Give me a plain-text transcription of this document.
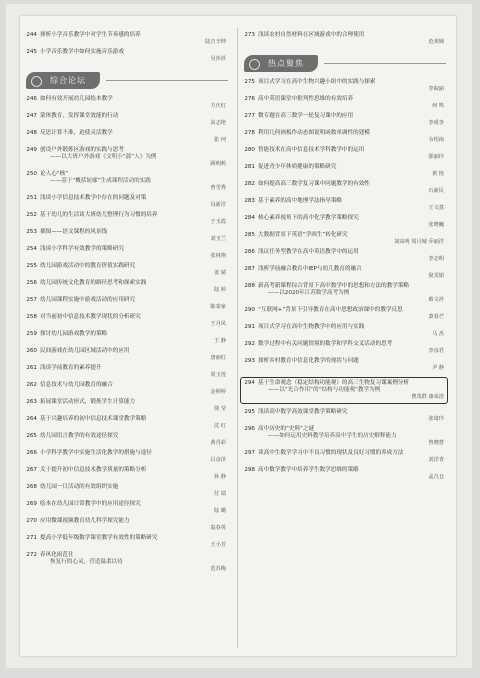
244 探析小学音乐教学中对学生节奏感的培养
陆吉辛坤
245 小学音乐教学中如何实施音乐游戏
吴莎莎
综合论坛
246 如何有效开展幼儿园绘本教学
方庆红
247 蒙体教育，发挥课堂效能的行动
高志艳
248 反思计算不准，迫使灵活教学
张 珂
249 创设户外锻炼区游戏的实践与思考
——以大班户外游戏《文明小“蒲”人》为例
顾明莉
250 论人心“核”
——基于“概括轮廓”生成课程活动的实践
曾雪秀
251 浅谈小学信息技术教学中存在的问题及对策
冯新洋
252 基于幼儿的生活谈大班幼儿整理行为习惯的培养
于玉霞
253 插图——语文课程的风景线
刘玉兰
254 浅谈小学科学有效教学的策略研究
张林翔
255 幼儿园游戏活动中的教育价值实践研究
姜 婧
256 幼儿园传统文化教育的路径思考和探索实践
陆 婷
257 幼儿园课程实施中游戏活动的应用研究
陈泰家
258 对当前初中信息技术教学现状的分析研究
王月风
259 探讨幼儿园游戏教学的策略
王 静
260 民间游戏在幼儿园区域活动中的应用
唐丽红
261 浅谈学前教育的素养提升
周玉莲
262 信息技术与幼儿园教育的融合
金婷婷
263 拓展课堂活动形式，锻炼学生计算能力
徐 莹
264 基于兴趣培养的初中信息技术课堂教学策略
沈 红
265 幼儿园语言教学的有效途径探究
黄丹彩
266 小学科学教学中实施生活化教学的措施与途径
吕彦泽
267 关于提升初中信息技术教学质量的策略分析
孙 静
268 幼儿园一日活动的有效组织实施
付 瑞
269 绘本在幼儿园日常教学中的应用途径探究
陆 璐
270 应用微课视频教育幼儿科学探究能力
翁春英
271 提高小学低年级数学课堂教学有效性的策略研究
王小芳
272 春风化雨范仕
恢复行的心灵，营造温柔以待
范苏梅
273 浅谈农村自然材料在区域游戏中的合理使用
范欢娣
热点聚焦
275 项目式学习在高中生物兴趣小组中的实践与探索
李皖丽
276 高中英语课堂中批判性思维的有效培养
何 鸣
277 微专题在高三数学一轮复习课中的应用
李成李
278 利用几何画板作动态图说明函数单调性的建模
韦绍南
280 智能技术在高中信息技术学科教学中的运用
邵丽玲
281 促进青少年体质健康的策略研究
黄 艳
282 如何提高高三数学复习课中问题教学的有效性
石新民
283 基于素养的高中地理学法指导策略
王文荔
284 核心素养视角下的高中化学教学策略探究
张晓巍
285 大数据背景下英语“学困生”转化研究
刘高明 周月城 乔丽洋
286 浅议任务型教学在高中英语教学中的运用
李志明
287 浅析学前融合教育中IEP与幼儿教育的融合
倪雯娟
288 新高考新课程综合背景下高中数学中的思想和方法的教学策略
——以2020年江苏数学高考为例
蔡文祥
290 “互联网+”背景下引导教育在高中思想政治课中的教学反思
萧春芒
291 项目式学习在高中生物教学中的应用与实践
马 杰
292 数学过程中有关问题情境的数学和学科交叉活动的思考
李彦君
293 探析乡村教育中信息化教学的现状与问题
尹 静
294 基于生命观念（稳定结构功能观）的高三生物复习课案例分析
——以“光合作用”的“结构与功能观”教学为例
曹茂群 康荣清
295 浅谈高中数学高效课堂教学策略研究
张琦玲
296 高中历史的“史料”之谜
——如何运用史料教学培养高中学生的历史解释能力
曾晓慧
297 谈高中生数学学习中不良习惯的现状及良好习惯的养成方法
刘洋青
298 高中数学教学中培养学生数学思维的策略
孟凡仓
